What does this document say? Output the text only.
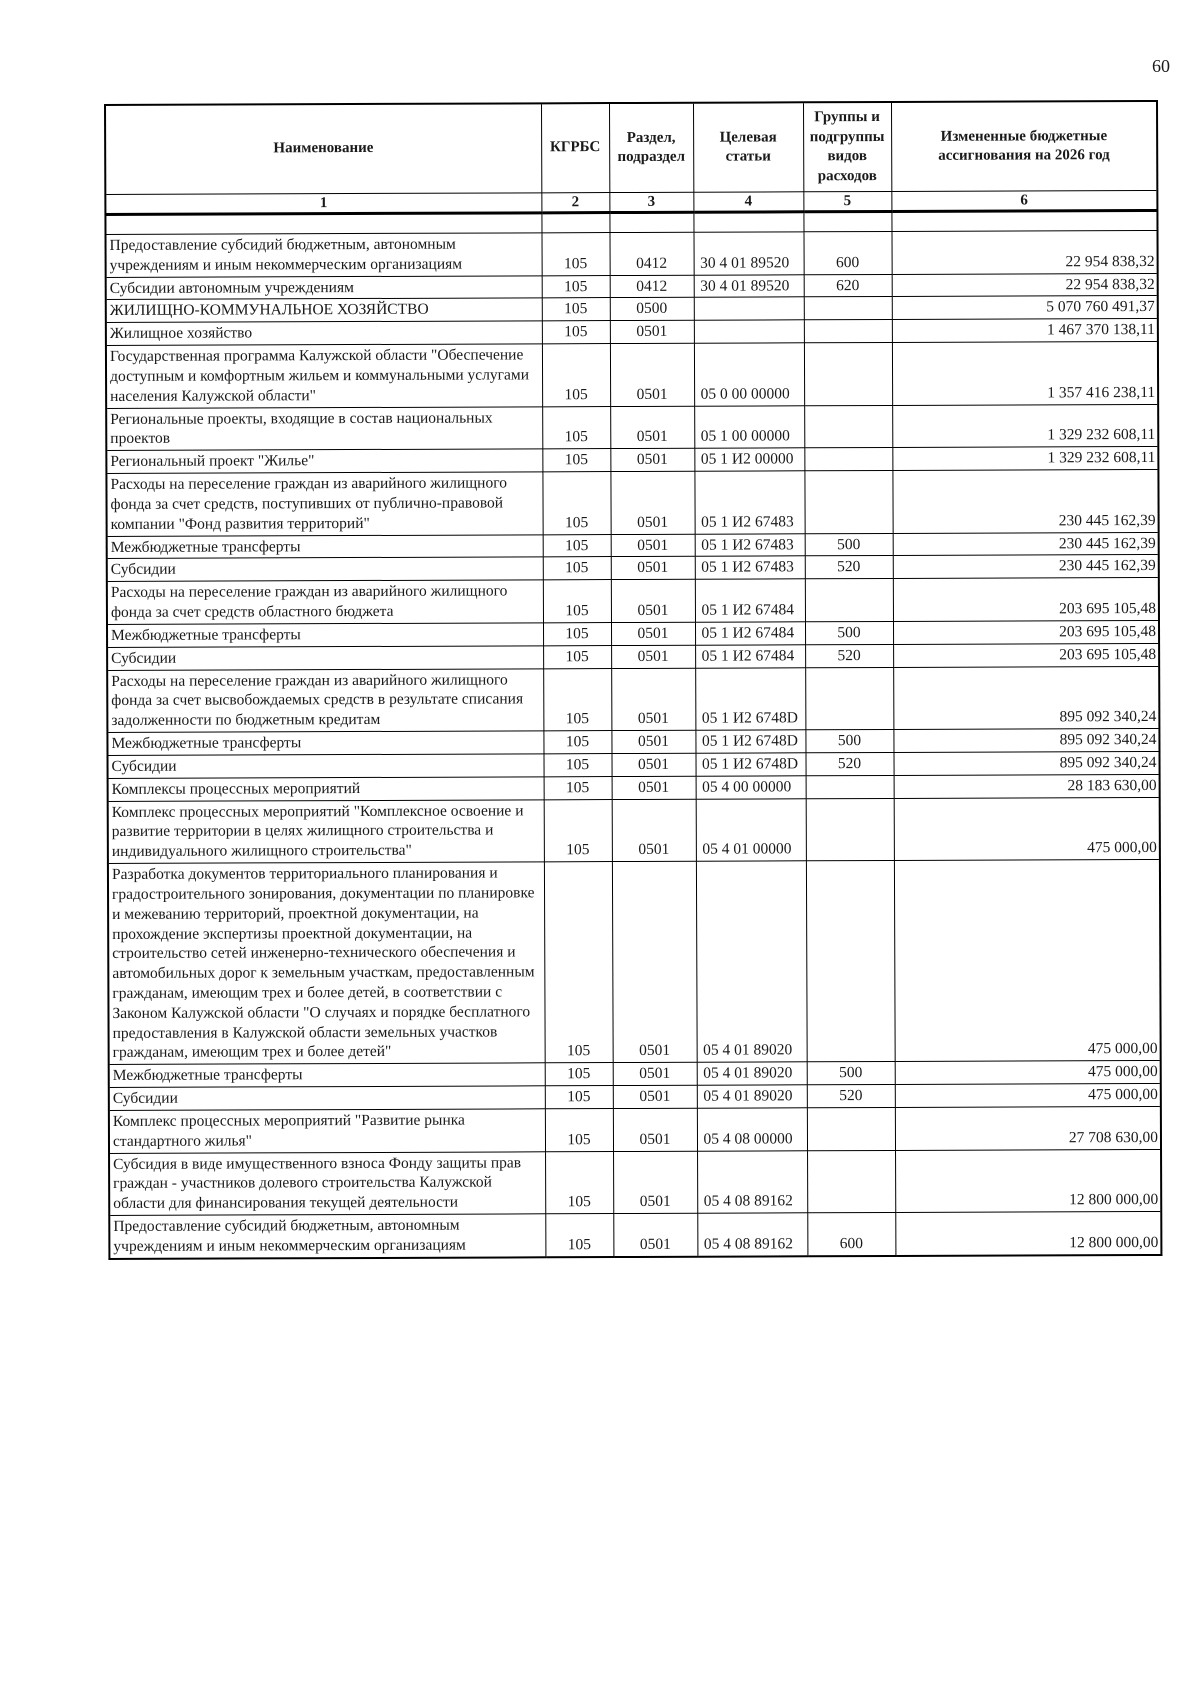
60
Наименование	КГРБС	Раздел, подраздел	Целевая статьи	Группы и подгруппы видов расходов	Измененные бюджетные ассигнования на 2026 год
1	2	3	4	5	6

Предоставление субсидий бюджетным, автономным учреждениям и иным некоммерческим организациям	105	0412	30 4 01 89520	600	22 954 838,32
Субсидии автономным учреждениям	105	0412	30 4 01 89520	620	22 954 838,32
ЖИЛИЩНО-КОММУНАЛЬНОЕ ХОЗЯЙСТВО	105	0500			5 070 760 491,37
Жилищное хозяйство	105	0501			1 467 370 138,11
Государственная программа Калужской области "Обеспечение доступным и комфортным жильем и коммунальными услугами населения Калужской области"	105	0501	05 0 00 00000		1 357 416 238,11
Региональные проекты, входящие в состав национальных проектов	105	0501	05 1 00 00000		1 329 232 608,11
Региональный проект "Жилье"	105	0501	05 1 И2 00000		1 329 232 608,11
Расходы на переселение граждан из аварийного жилищного фонда за счет средств, поступивших от публично-правовой компании "Фонд развития территорий"	105	0501	05 1 И2 67483		230 445 162,39
Межбюджетные трансферты	105	0501	05 1 И2 67483	500	230 445 162,39
Субсидии	105	0501	05 1 И2 67483	520	230 445 162,39
Расходы на переселение граждан из аварийного жилищного фонда за счет средств областного бюджета	105	0501	05 1 И2 67484		203 695 105,48
Межбюджетные трансферты	105	0501	05 1 И2 67484	500	203 695 105,48
Субсидии	105	0501	05 1 И2 67484	520	203 695 105,48
Расходы на переселение граждан из аварийного жилищного фонда за счет высвобождаемых средств в результате списания задолженности по бюджетным кредитам	105	0501	05 1 И2 6748D		895 092 340,24
Межбюджетные трансферты	105	0501	05 1 И2 6748D	500	895 092 340,24
Субсидии	105	0501	05 1 И2 6748D	520	895 092 340,24
Комплексы процессных мероприятий	105	0501	05 4 00 00000		28 183 630,00
Комплекс процессных мероприятий "Комплексное освоение и развитие территории в целях жилищного строительства и индивидуального жилищного строительства"	105	0501	05 4 01 00000		475 000,00
Разработка документов территориального планирования и градостроительного зонирования, документации по планировке и межеванию территорий, проектной документации, на прохождение экспертизы проектной документации, на строительство сетей инженерно-технического обеспечения и автомобильных дорог к земельным участкам, предоставленным гражданам, имеющим трех и более детей, в соответствии с Законом Калужской области "О случаях и порядке бесплатного предоставления в Калужской области земельных участков гражданам, имеющим трех и более детей"	105	0501	05 4 01 89020		475 000,00
Межбюджетные трансферты	105	0501	05 4 01 89020	500	475 000,00
Субсидии	105	0501	05 4 01 89020	520	475 000,00
Комплекс процессных мероприятий "Развитие рынка стандартного жилья"	105	0501	05 4 08 00000		27 708 630,00
Субсидия в виде имущественного взноса Фонду защиты прав граждан - участников долевого строительства Калужской области для финансирования текущей деятельности	105	0501	05 4 08 89162		12 800 000,00
Предоставление субсидий бюджетным, автономным учреждениям и иным некоммерческим организациям	105	0501	05 4 08 89162	600	12 800 000,00
